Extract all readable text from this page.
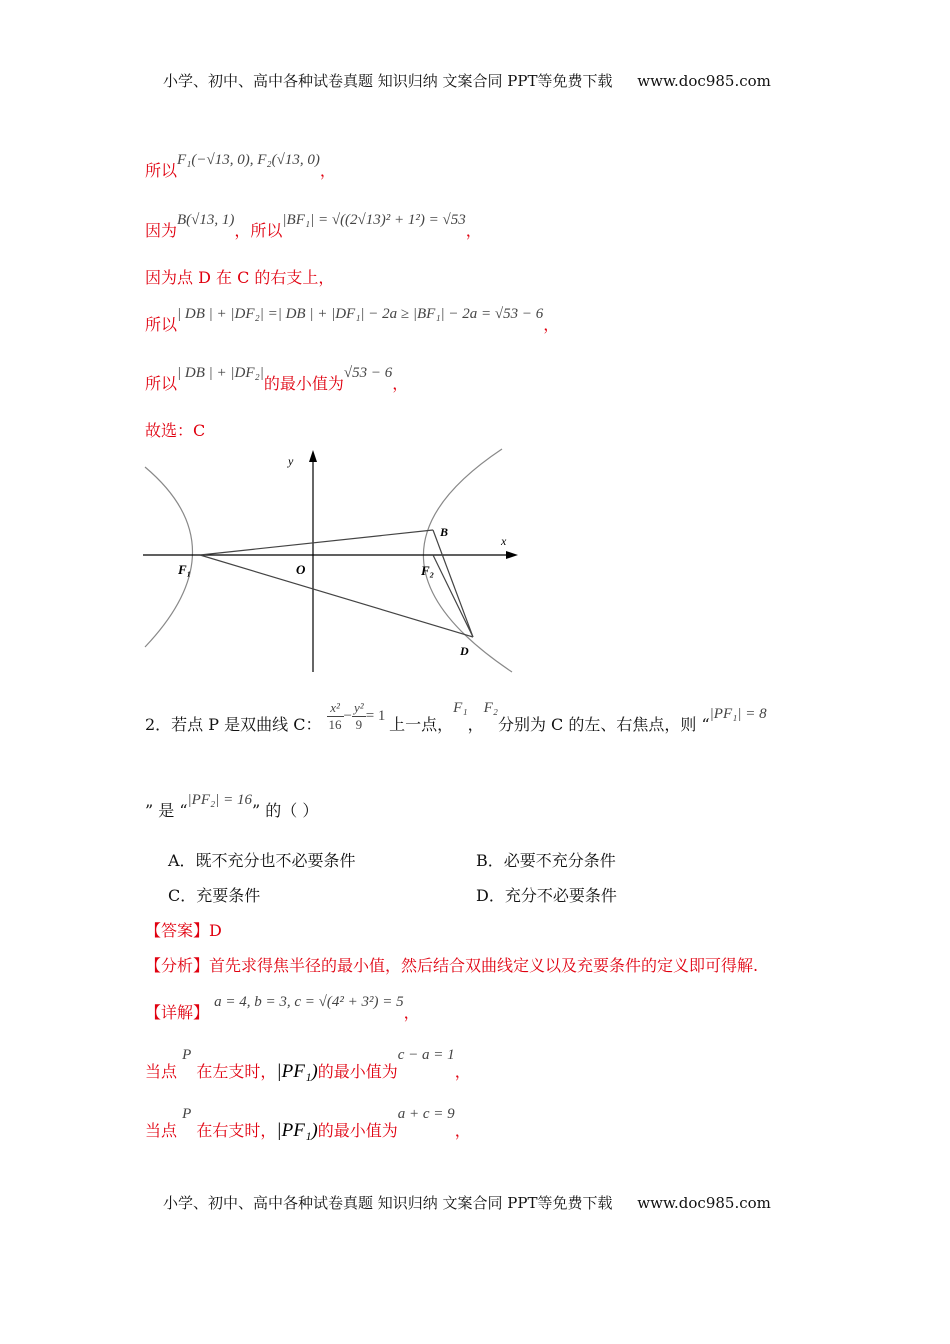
小学、初中、高中各种试卷真题 知识归纳 文案合同 PPT等免费下载 www.doc985.com
所以F₁(−√13, 0), F₂(√13, 0)，
因为B(√13, 1)，所以|BF₁| = √((2√13)² + 1²) = √53，
因为点 D 在 C 的右支上，
所以| DB | + |DF₂| =| DB | + |DF₁| − 2a ≥ |BF₁| − 2a = √53 − 6，
所以| DB | + |DF₂|的最小值为√53 − 6，
故选：C
y
x
O
F₁	F₂
B
D
2．若点 P 是双曲线 C： $\frac{\text{x²}}{16} - \frac{\text{y²}}{9} = 1$ 上一点，F₁，F₂分别为 C 的左、右焦点，则 “|PF₁| = 8
” 是 “|PF₂| = 16” 的（ ）
A．既不充分也不必要条件	B．必要不充分条件
C．充要条件	D．充分不必要条件
【答案】D
【分析】首先求得焦半径的最小值，然后结合双曲线定义以及充要条件的定义即可得解.
【详解】 a = 4, b = 3, c = √(4² + 3²) = 5，
当点 P 在左支时，|PF₁)的最小值为c − a = 1，
当点 P 在右支时，|PF₁)的最小值为a + c = 9，
小学、初中、高中各种试卷真题 知识归纳 文案合同 PPT等免费下载 www.doc985.com
